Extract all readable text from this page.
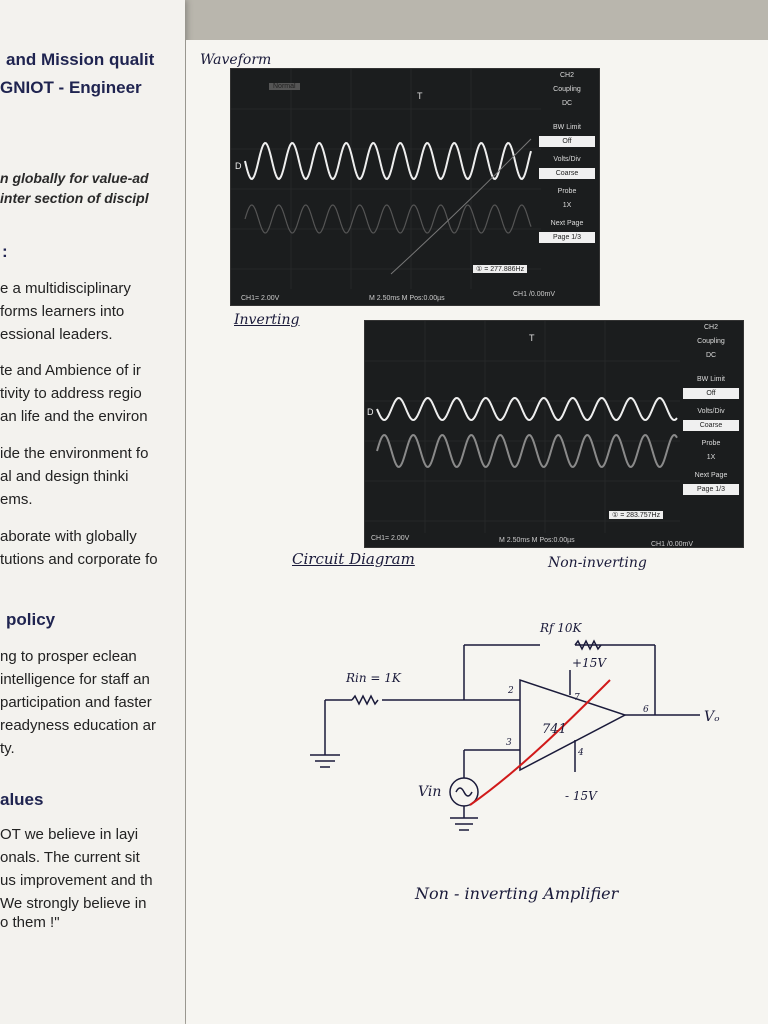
and Mission qualit
GNIOT - Engineer
n globally for value-ad
inter section of discipl
:
e a multidisciplinary
forms learners into
essional leaders.
te and Ambience of ir
tivity to address regio
an life and the environ
ide the environment fo
al and design thinki
ems.
aborate with globally
tutions and corporate fo
policy
ng to prosper eclean
intelligence for staff an
participation and faster
readyness education ar
ty.
alues
OT we believe in layi
onals. The current sit
us improvement and th
We strongly believe in
o them !"
Waveform
Inverting
Circuit Diagram	Non-inverting
Non - inverting Amplifier
D
T
Normal
CH2
Coupling
DC
BW Limit
Off
Volts/Div
Coarse
Probe
1X
Next Page
Page 1/3
① = 277.886Hz
CH1= 2.00V	M 2.50ms M Pos:0.00µs
CH1 /0.00mV
D
T
CH2
Coupling
DC
BW Limit
Off
Volts/Div
Coarse
Probe
1X
Next Page
Page 1/3
① = 283.757Hz
CH1= 2.00V	M 2.50ms M Pos:0.00µs
CH1 /0.00mV
Rf 10K
Rin = 1K
+15V
- 15V
741
2
3
4
6
7
Vin
Vₒ
